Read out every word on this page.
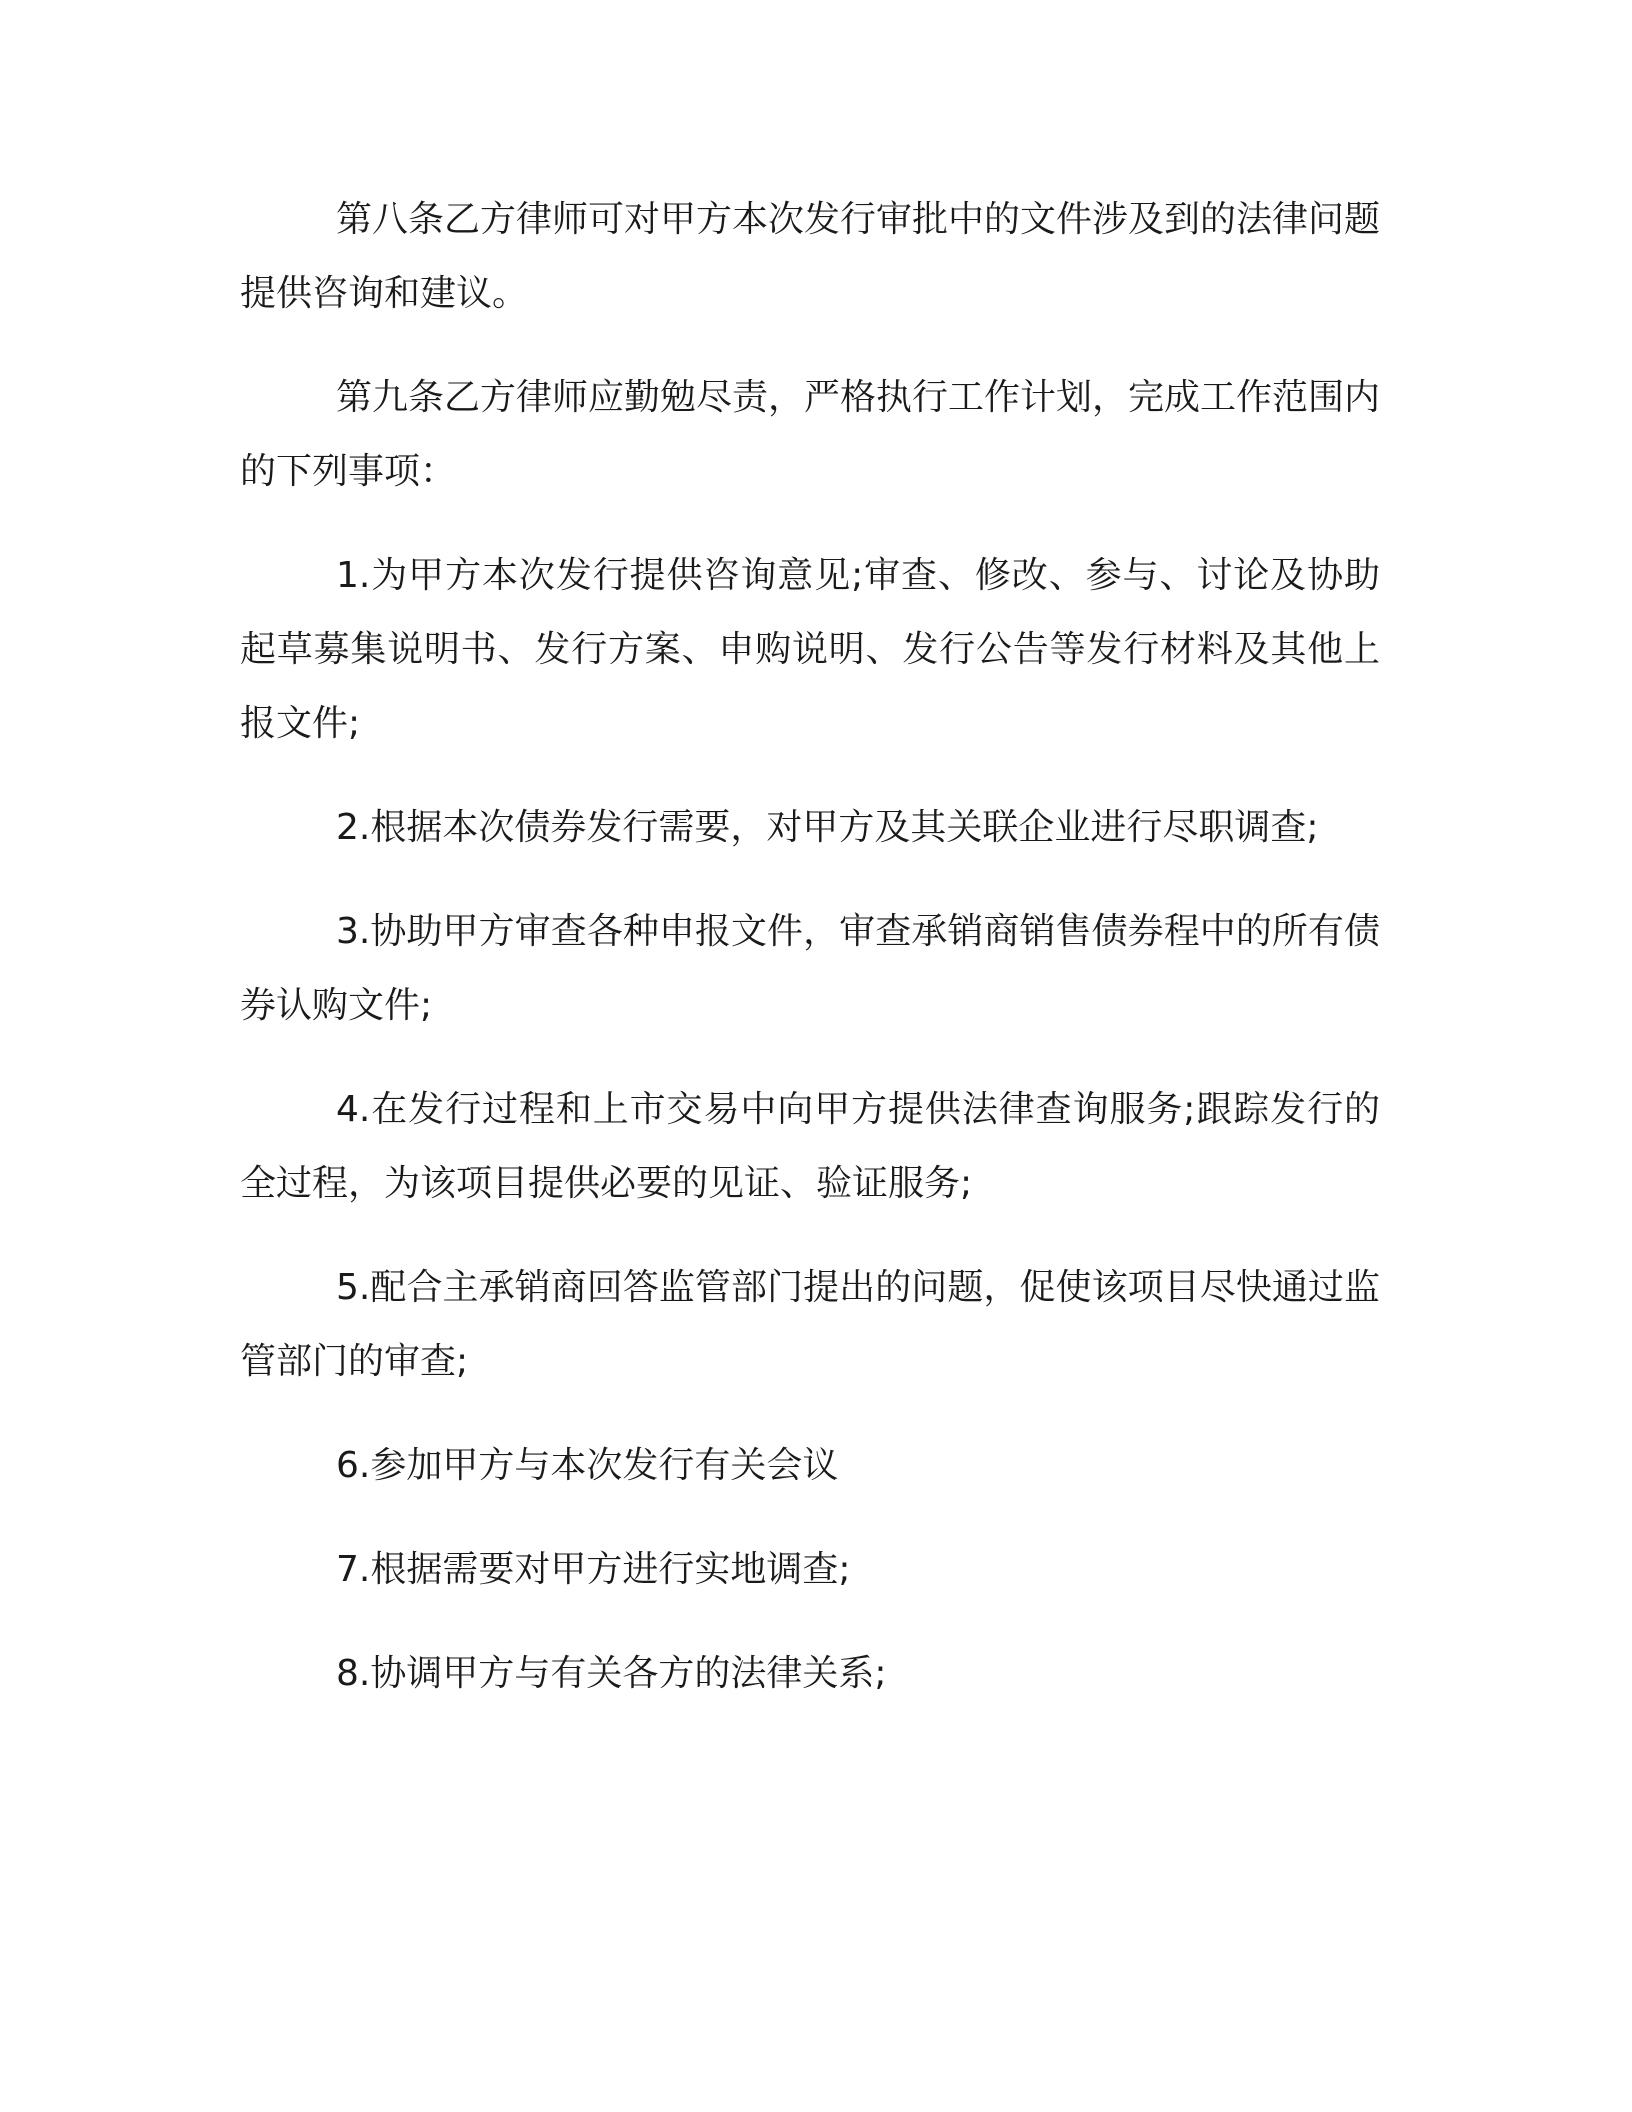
第八条乙方律师可对甲方本次发行审批中的文件涉及到的法律问题提供咨询和建议。

第九条乙方律师应勤勉尽责，严格执行工作计划，完成工作范围内的下列事项：

1.为甲方本次发行提供咨询意见;审查、修改、参与、讨论及协助起草募集说明书、发行方案、申购说明、发行公告等发行材料及其他上报文件;

2.根据本次债券发行需要，对甲方及其关联企业进行尽职调查;

3.协助甲方审查各种申报文件，审查承销商销售债券程中的所有债券认购文件;

4.在发行过程和上市交易中向甲方提供法律查询服务;跟踪发行的全过程，为该项目提供必要的见证、验证服务;

5.配合主承销商回答监管部门提出的问题，促使该项目尽快通过监管部门的审查;

6.参加甲方与本次发行有关会议

7.根据需要对甲方进行实地调查;

8.协调甲方与有关各方的法律关系;
